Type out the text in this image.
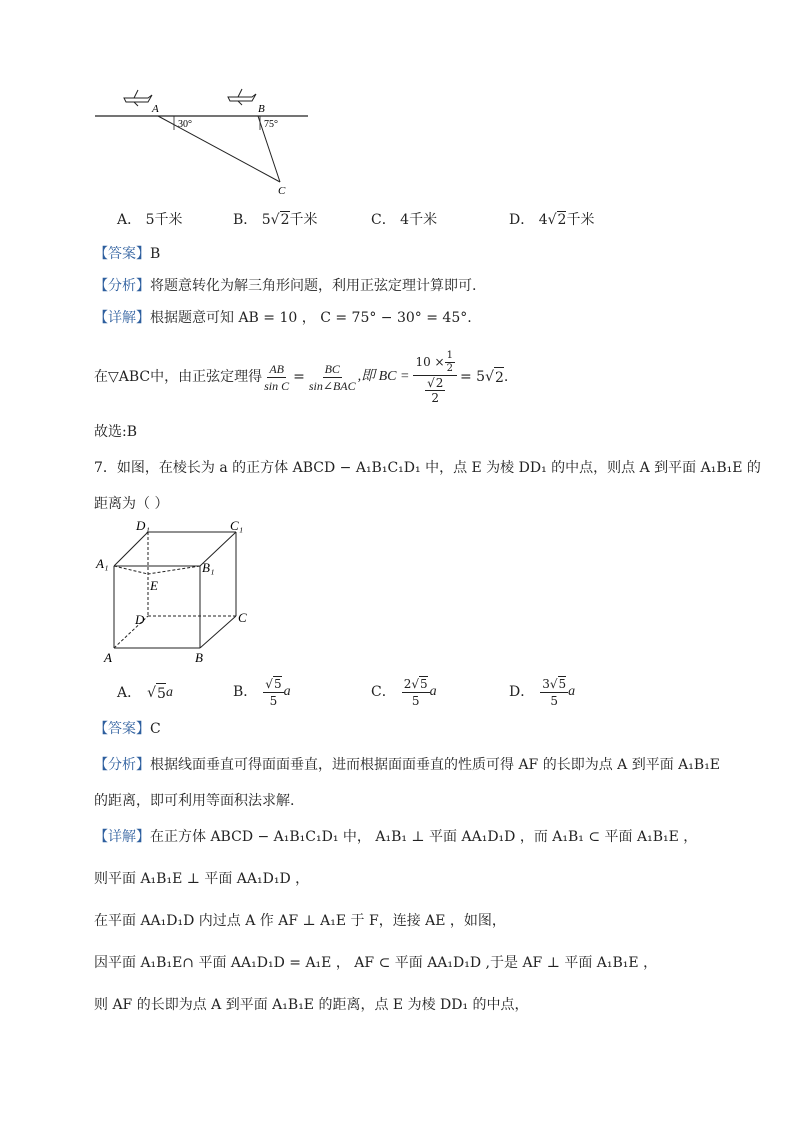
A	B
C
30°	75°
A． 5千米	B． 5√2千米	C． 4千米	D． 4√2千米
【答案】B
【分析】将题意转化为解三角形问题，利用正弦定理计算即可.
【详解】根据题意可知 AB = 10 ， C = 75° − 30° = 45°.
在▽ABC中，由正弦定理得 $\frac{AB}{\text{sin C}} = \frac{BC}{\text{sin∠BAC}}$ ,即 BC = $10 \times \frac{1}{2}$
√2
2 = 5 √ 2 .
故选:B
7．如图，在棱长为 a 的正方体 ABCD − A₁B₁C₁D₁ 中，点 E 为棱 DD₁ 的中点，则点 A 到平面 A₁B₁E 的
距离为（ ）
D₁	C₁
A₁	B₁
E
D	C
A	B
A． √ 5 a	B． $\frac{√5}{5}$ a	C． $\frac{2√5}{5}$ a	D． $\frac{3√5}{5}$ a
【答案】C
【分析】根据线面垂直可得面面垂直，进而根据面面垂直的性质可得 AF 的长即为点 A 到平面 A₁B₁E
的距离，即可利用等面积法求解.
【详解】在正方体 ABCD − A₁B₁C₁D₁ 中， A₁B₁ ⊥ 平面 AA₁D₁D ，而 A₁B₁ ⊂ 平面 A₁B₁E ，
则平面 A₁B₁E ⊥ 平面 AA₁D₁D ，
在平面 AA₁D₁D 内过点 A 作 AF ⊥ A₁E 于 F，连接 AE ，如图，
因平面 A₁B₁E∩ 平面 AA₁D₁D = A₁E ， AF ⊂ 平面 AA₁D₁D ,于是 AF ⊥ 平面 A₁B₁E ，
则 AF 的长即为点 A 到平面 A₁B₁E 的距离，点 E 为棱 DD₁ 的中点，
